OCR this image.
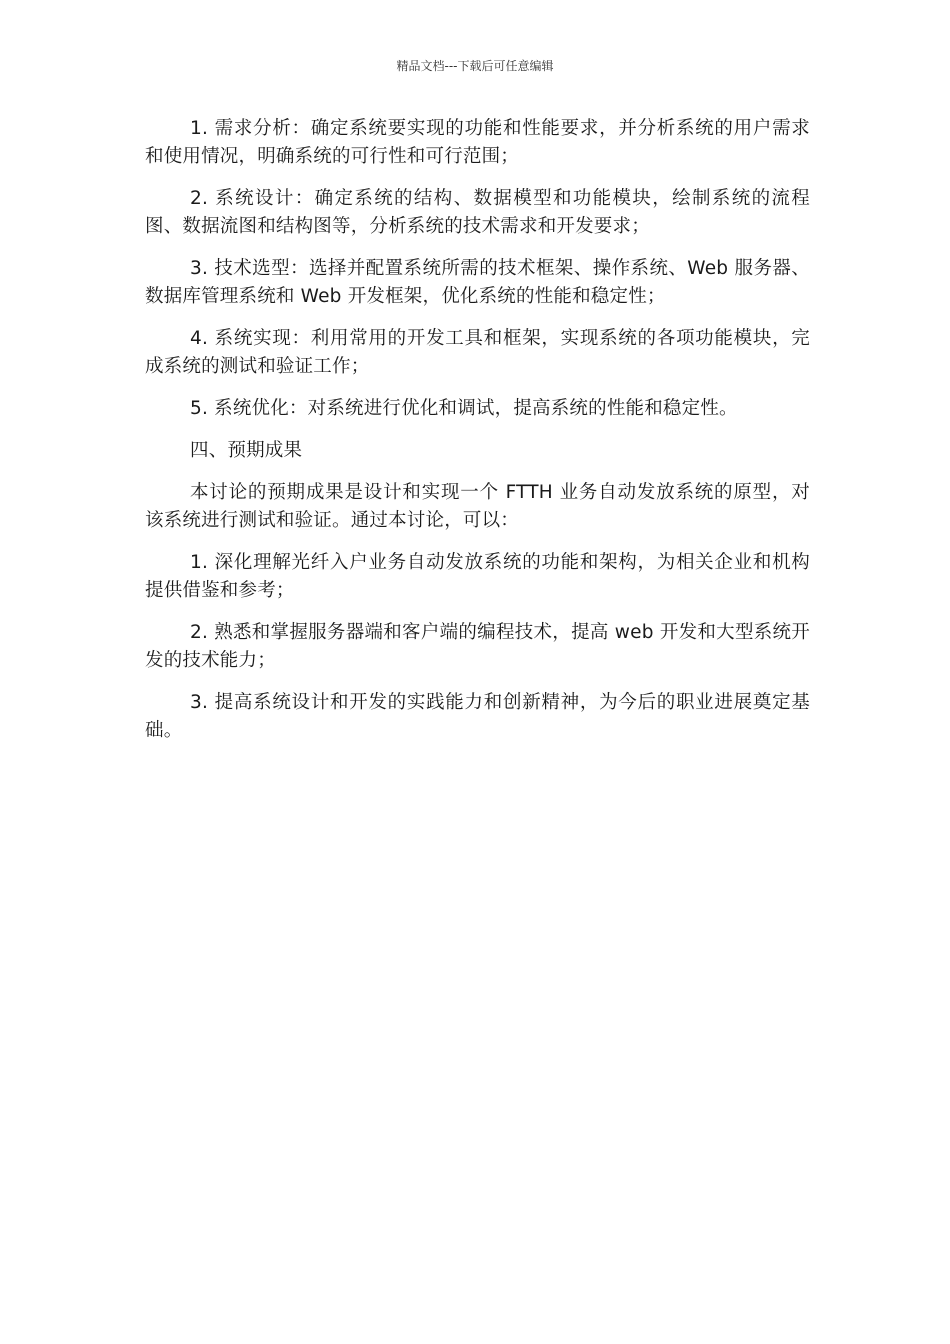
精品文档---下载后可任意编辑

1. 需求分析：确定系统要实现的功能和性能要求，并分析系统的用户需求和使用情况，明确系统的可行性和可行范围；

2. 系统设计：确定系统的结构、数据模型和功能模块，绘制系统的流程图、数据流图和结构图等，分析系统的技术需求和开发要求；

3. 技术选型：选择并配置系统所需的技术框架、操作系统、Web 服务器、数据库管理系统和 Web 开发框架，优化系统的性能和稳定性；

4. 系统实现：利用常用的开发工具和框架，实现系统的各项功能模块，完成系统的测试和验证工作；

5. 系统优化：对系统进行优化和调试，提高系统的性能和稳定性。

四、预期成果

本讨论的预期成果是设计和实现一个 FTTH 业务自动发放系统的原型，对该系统进行测试和验证。通过本讨论，可以：

1. 深化理解光纤入户业务自动发放系统的功能和架构，为相关企业和机构提供借鉴和参考；

2. 熟悉和掌握服务器端和客户端的编程技术，提高 web 开发和大型系统开发的技术能力；

3. 提高系统设计和开发的实践能力和创新精神，为今后的职业进展奠定基础。
